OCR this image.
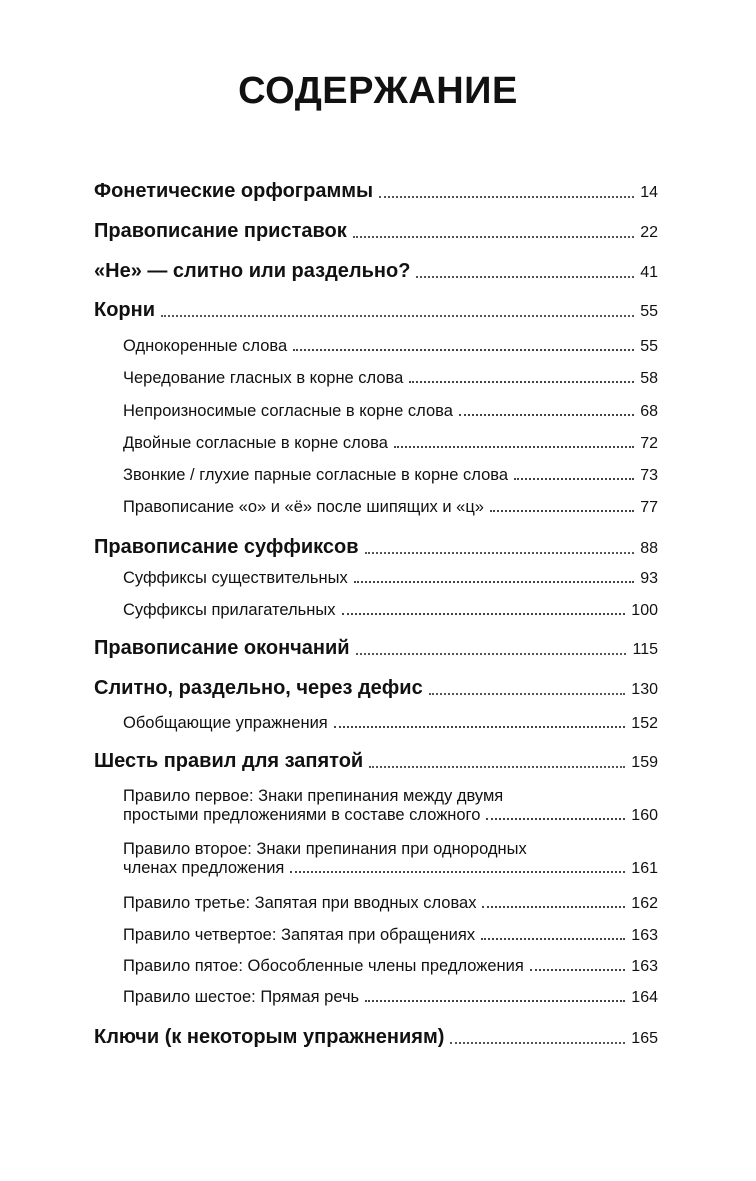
СОДЕРЖАНИЕ
Фонетические орфограммы	14
Правописание приставок	22
«Не» — слитно или раздельно?	41
Корни	55
Однокоренные слова	55
Чередование гласных в корне слова	58
Непроизносимые согласные в корне слова	68
Двойные согласные в корне слова	72
Звонкие / глухие парные согласные в корне слова	73
Правописание «о» и «ё» после шипящих и «ц»	77
Правописание суффиксов	88
Суффиксы существительных	93
Суффиксы прилагательных	100
Правописание окончаний	115
Слитно, раздельно, через дефис	130
Обобщающие упражнения	152
Шесть правил для запятой	159
Правило первое: Знаки препинания между двумя
простыми предложениями в составе сложного	160
Правило второе: Знаки препинания при однородных
членах предложения	161
Правило третье: Запятая при вводных словах	162
Правило четвертое: Запятая при обращениях	163
Правило пятое: Обособленные члены предложения	163
Правило шестое: Прямая речь	164
Ключи (к некоторым упражнениям)	165
